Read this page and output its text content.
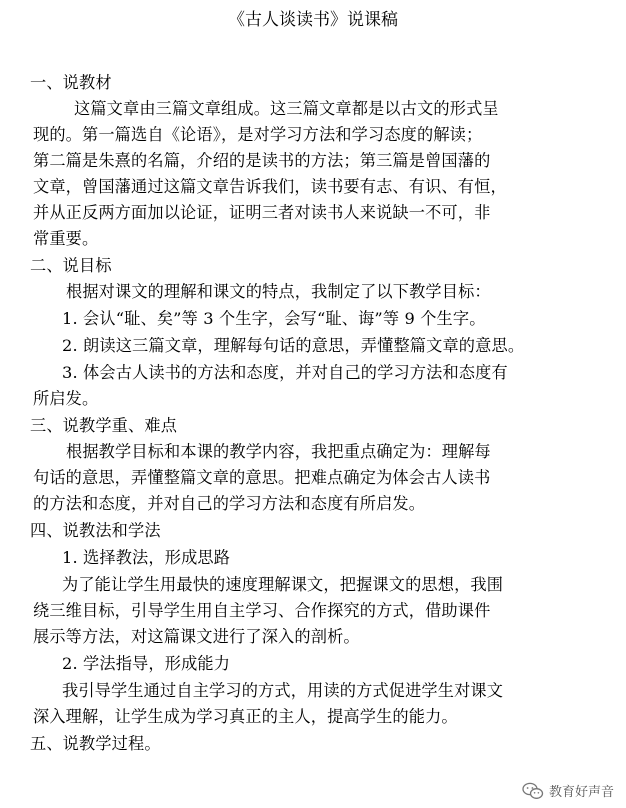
《古人谈读书》说课稿
一、说教材
这篇文章由三篇文章组成。这三篇文章都是以古文的形式呈
现的。第一篇选自《论语》，是对学习方法和学习态度的解读；
第二篇是朱熹的名篇，介绍的是读书的方法；第三篇是曾国藩的
文章，曾国藩通过这篇文章告诉我们，读书要有志、有识、有恒，
并从正反两方面加以论证，证明三者对读书人来说缺一不可，非
常重要。
二、说目标
根据对课文的理解和课文的特点，我制定了以下教学目标：
1. 会认“耻、矣”等 3 个生字，会写“耻、诲”等 9 个生字。
2. 朗读这三篇文章，理解每句话的意思，弄懂整篇文章的意思。
3. 体会古人读书的方法和态度，并对自己的学习方法和态度有
所启发。
三、说教学重、难点
根据教学目标和本课的教学内容，我把重点确定为：理解每
句话的意思，弄懂整篇文章的意思。把难点确定为体会古人读书
的方法和态度，并对自己的学习方法和态度有所启发。
四、说教法和学法
1. 选择教法，形成思路
为了能让学生用最快的速度理解课文，把握课文的思想，我围
绕三维目标，引导学生用自主学习、合作探究的方式，借助课件
展示等方法，对这篇课文进行了深入的剖析。
2. 学法指导，形成能力
我引导学生通过自主学习的方式，用读的方式促进学生对课文
深入理解，让学生成为学习真正的主人，提高学生的能力。
五、说教学过程。
教育好声音
